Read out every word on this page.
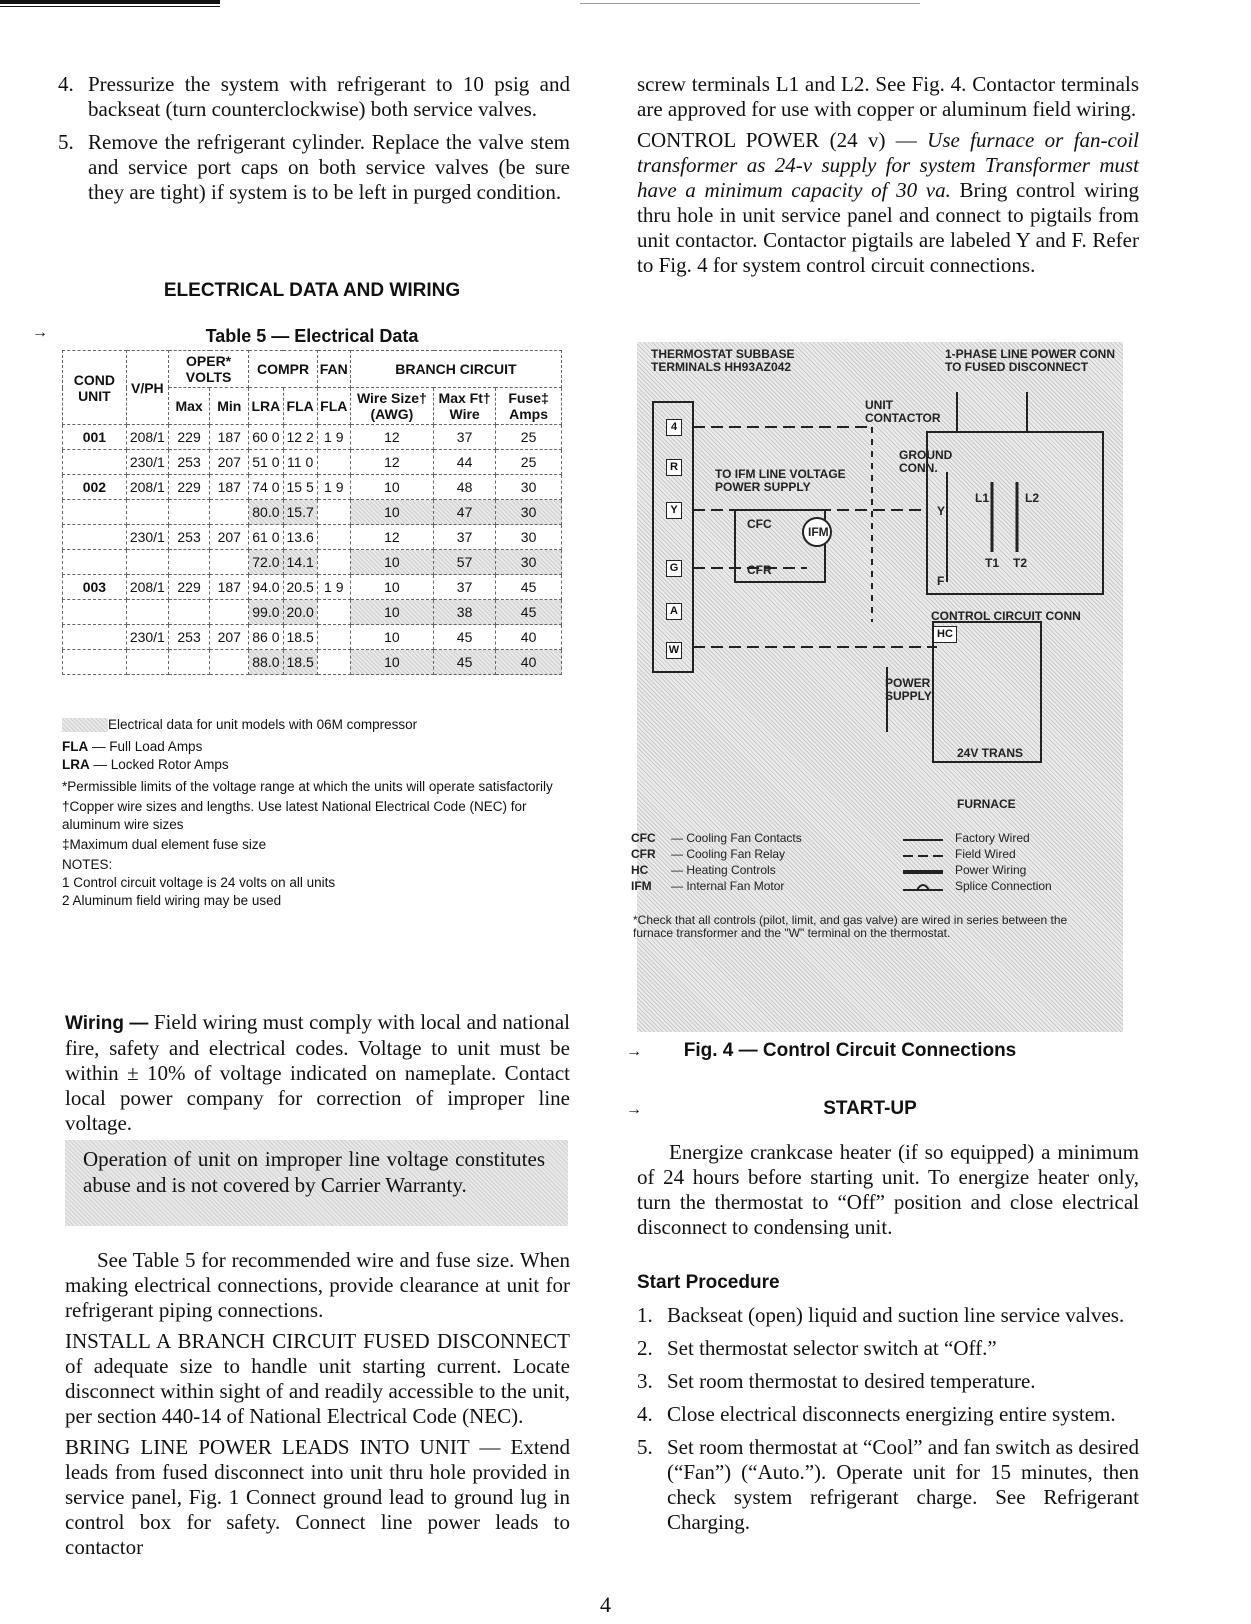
4. Pressurize the system with refrigerant to 10 psig and backseat (turn counterclockwise) both service valves.
5. Remove the refrigerant cylinder. Replace the valve stem and service port caps on both service valves (be sure they are tight) if system is to be left in purged condition.
ELECTRICAL DATA AND WIRING
→	Table 5 — Electrical Data
COND UNIT	V/PH	OPER* VOLTS		COMPR		FAN	BRANCH CIRCUIT		
		Max	Min	LRA	FLA	FLA	Wire Size† (AWG)	Max Ft† Wire	Fuse‡ Amps
001	208/1	229	187	60 0	12 2	1 9	12	37	25
	230/1	253	207	51 0	11 0		12	44	25
002	208/1	229	187	74 0	15 5	1 9	10	48	30
				80.0	15.7		10	47	30
	230/1	253	207	61 0	13.6		12	37	30
				72.0	14.1		10	57	30
003	208/1	229	187	94.0	20.5	1 9	10	37	45
				99.0	20.0		10	38	45
	230/1	253	207	86 0	18.5		10	45	40
				88.0	18.5		10	45	40
Electrical data for unit models with 06M compressor
FLA — Full Load Amps
LRA — Locked Rotor Amps
*Permissible limits of the voltage range at which the units will operate satisfactorily
†Copper wire sizes and lengths. Use latest National Electrical Code (NEC) for aluminum wire sizes
‡Maximum dual element fuse size
NOTES:
1 Control circuit voltage is 24 volts on all units
2 Aluminum field wiring may be used
Wiring — Field wiring must comply with local and national fire, safety and electrical codes. Voltage to unit must be within ± 10% of voltage indicated on nameplate. Contact local power company for correction of improper line voltage.
Operation of unit on improper line voltage constitutes abuse and is not covered by Carrier Warranty.
See Table 5 for recommended wire and fuse size. When making electrical connections, provide clearance at unit for refrigerant piping connections.
INSTALL A BRANCH CIRCUIT FUSED DISCONNECT of adequate size to handle unit starting current. Locate disconnect within sight of and readily accessible to the unit, per section 440-14 of National Electrical Code (NEC).
BRING LINE POWER LEADS INTO UNIT — Extend leads from fused disconnect into unit thru hole provided in service panel, Fig. 1 Connect ground lead to ground lug in control box for safety. Connect line power leads to contactor
screw terminals L1 and L2. See Fig. 4. Contactor terminals are approved for use with copper or aluminum field wiring.
CONTROL POWER (24 v) — Use furnace or fan-coil transformer as 24-v supply for system Transformer must have a minimum capacity of 30 va. Bring control wiring thru hole in unit service panel and connect to pigtails from unit contactor. Contactor pigtails are labeled Y and F. Refer to Fig. 4 for system control circuit connections.
THERMOSTAT SUBBASE TERMINALS HH93AZ042
1-PHASE LINE POWER CONN TO FUSED DISCONNECT
UNIT CONTACTOR
GROUND CONN.
TO IFM LINE VOLTAGE POWER SUPPLY
CONTROL CIRCUIT CONN
24V TRANS
FURNACE
4
R
Y
G
A
W
HC
CFC
IFM
CFR
Y
F
L1	L2
T1 T2
POWER SUPPLY
CFC — Cooling Fan Contacts	Factory Wired
CFR — Cooling Fan Relay	Field Wired
HC — Heating Controls	Power Wiring
IFM — Internal Fan Motor	Splice Connection
*Check that all controls (pilot, limit, and gas valve) are wired in series between the furnace transformer and the "W" terminal on the thermostat.
→	Fig. 4 — Control Circuit Connections
→	START-UP
Energize crankcase heater (if so equipped) a minimum of 24 hours before starting unit. To energize heater only, turn the thermostat to “Off” position and close electrical disconnect to condensing unit.
Start Procedure
1. Backseat (open) liquid and suction line service valves.
2. Set thermostat selector switch at “Off.”
3. Set room thermostat to desired temperature.
4. Close electrical disconnects energizing entire system.
5. Set room thermostat at “Cool” and fan switch as desired (“Fan”) (“Auto.”). Operate unit for 15 minutes, then check system refrigerant charge. See Refrigerant Charging.
4
